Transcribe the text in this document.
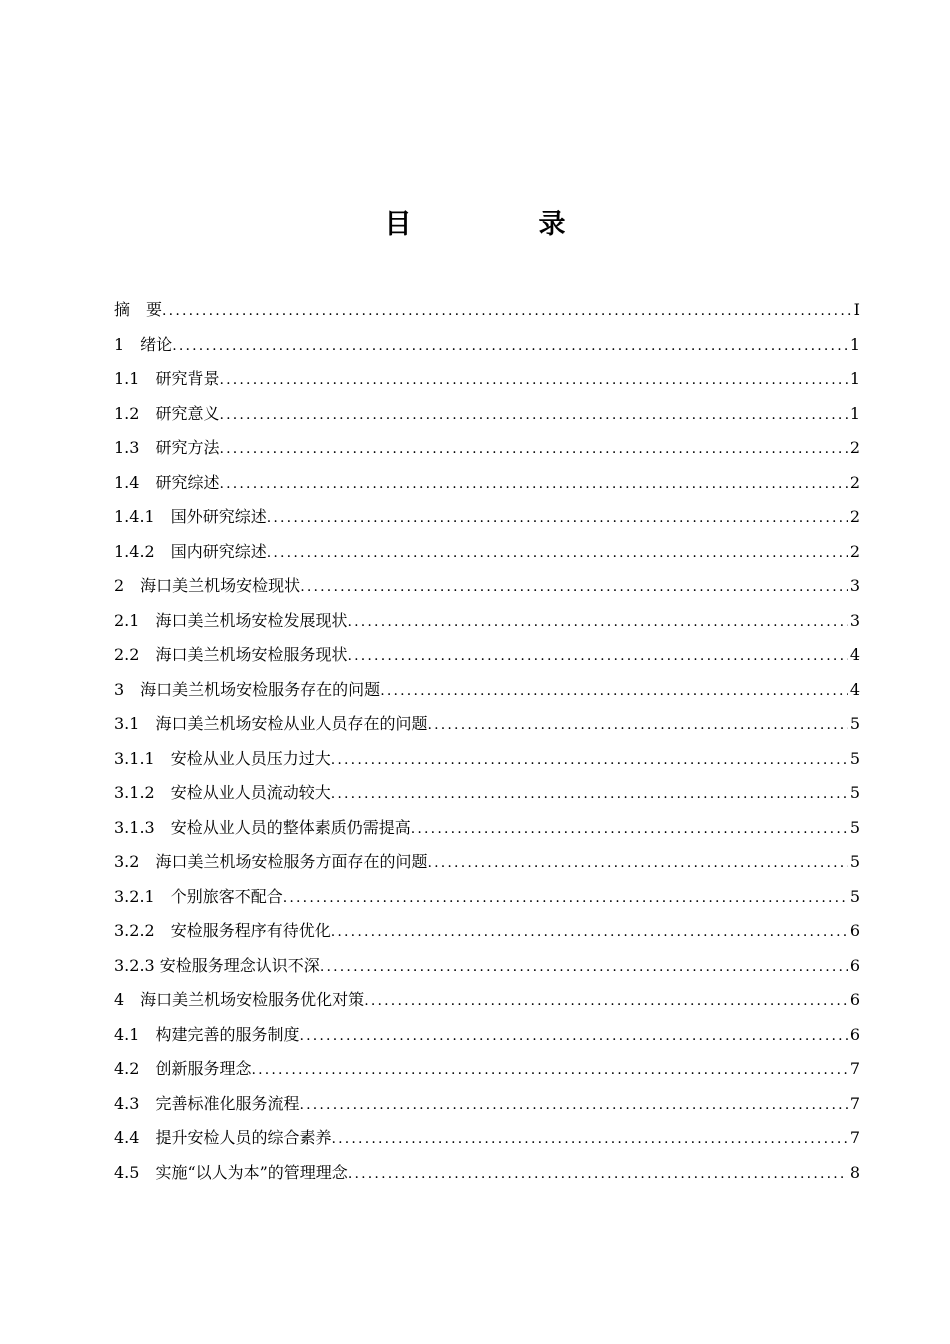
目　录
摘　要 .....	I
1　绪论 .....	1
1.1　研究背景 .....	1
1.2　研究意义 .....	1
1.3　研究方法 .....	2
1.4　研究综述 .....	2
1.4.1　国外研究综述 .....	2
1.4.2　国内研究综述 .....	2
2　海口美兰机场安检现状 .....	3
2.1　海口美兰机场安检发展现状 .....	3
2.2　海口美兰机场安检服务现状 .....	4
3　海口美兰机场安检服务存在的问题 .....	4
3.1　海口美兰机场安检从业人员存在的问题 .....	5
3.1.1　安检从业人员压力过大 .....	5
3.1.2　安检从业人员流动较大 .....	5
3.1.3　安检从业人员的整体素质仍需提高 .....	5
3.2　海口美兰机场安检服务方面存在的问题 .....	5
3.2.1　个别旅客不配合 .....	5
3.2.2　安检服务程序有待优化 .....	6
3.2.3 安检服务理念认识不深 .....	6
4　海口美兰机场安检服务优化对策 .....	6
4.1　构建完善的服务制度 .....	6
4.2　创新服务理念 .....	7
4.3　完善标准化服务流程 .....	7
4.4　提升安检人员的综合素养 .....	7
4.5　实施“以人为本”的管理理念 .....	8
